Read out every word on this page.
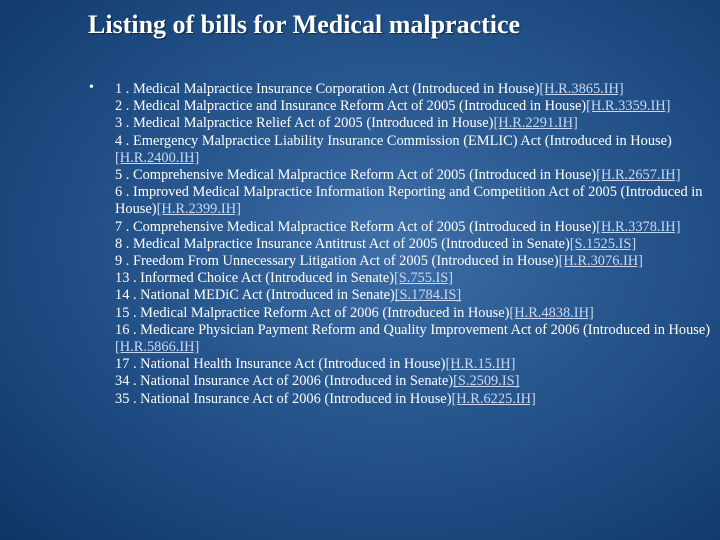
Listing of bills for Medical malpractice
• 1 . Medical Malpractice Insurance Corporation Act (Introduced in House)[H.R.3865.IH]
2 . Medical Malpractice and Insurance Reform Act of 2005 (Introduced in House)[H.R.3359.IH]
3 . Medical Malpractice Relief Act of 2005 (Introduced in House)[H.R.2291.IH]
4 . Emergency Malpractice Liability Insurance Commission (EMLIC) Act (Introduced in House)[H.R.2400.IH]
5 . Comprehensive Medical Malpractice Reform Act of 2005 (Introduced in House)[H.R.2657.IH]
6 . Improved Medical Malpractice Information Reporting and Competition Act of 2005 (Introduced in House)[H.R.2399.IH]
7 . Comprehensive Medical Malpractice Reform Act of 2005 (Introduced in House)[H.R.3378.IH]
8 . Medical Malpractice Insurance Antitrust Act of 2005 (Introduced in Senate)[S.1525.IS]
9 . Freedom From Unnecessary Litigation Act of 2005 (Introduced in House)[H.R.3076.IH]
13 . Informed Choice Act (Introduced in Senate)[S.755.IS]
14 . National MEDiC Act (Introduced in Senate)[S.1784.IS]
15 . Medical Malpractice Reform Act of 2006 (Introduced in House)[H.R.4838.IH]
16 . Medicare Physician Payment Reform and Quality Improvement Act of 2006 (Introduced in House)[H.R.5866.IH]
17 . National Health Insurance Act (Introduced in House)[H.R.15.IH]
34 . National Insurance Act of 2006 (Introduced in Senate)[S.2509.IS]
35 . National Insurance Act of 2006 (Introduced in House)[H.R.6225.IH]
